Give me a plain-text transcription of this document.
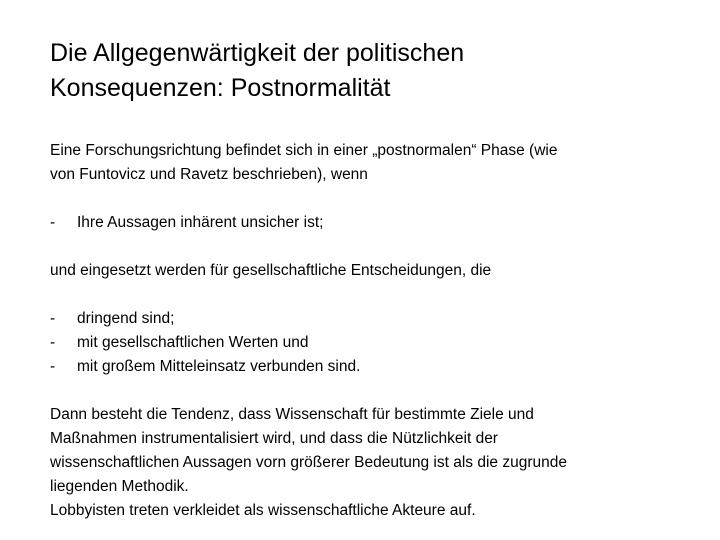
Die Allgegenwärtigkeit der politischen
Konsequenzen: Postnormalität
Eine Forschungsrichtung befindet sich in einer „postnormalen“ Phase (wie
von Funtovicz und Ravetz beschrieben), wenn
-	Ihre Aussagen inhärent unsicher ist;
und eingesetzt werden für gesellschaftliche Entscheidungen, die
-	dringend sind;
-	mit gesellschaftlichen Werten und
-	mit großem Mitteleinsatz verbunden sind.
Dann besteht die Tendenz, dass Wissenschaft für bestimmte Ziele und
Maßnahmen instrumentalisiert wird, und dass die Nützlichkeit der
wissenschaftlichen Aussagen vorn größerer Bedeutung ist als die zugrunde
liegenden Methodik.
Lobbyisten treten verkleidet als wissenschaftliche Akteure auf.
